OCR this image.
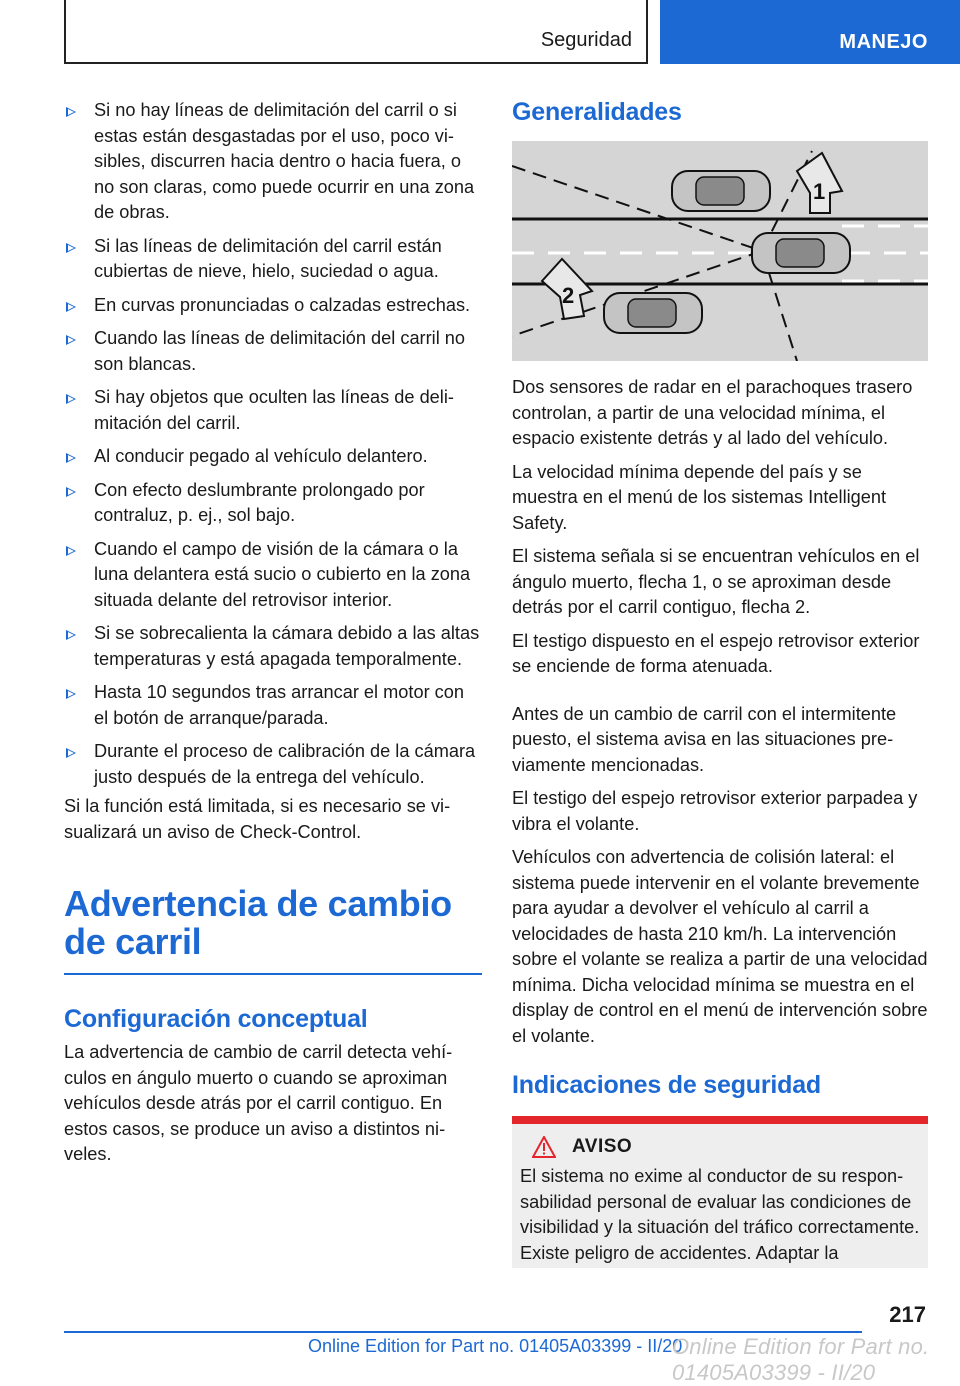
Seguridad	MANEJO
Si no hay líneas de delimitación del carril o si estas están desgastadas por el uso, poco visibles, discurren hacia dentro o hacia fuera, o no son claras, como puede ocurrir en una zona de obras.
Si las líneas de delimitación del carril están cubiertas de nieve, hielo, suciedad o agua.
En curvas pronunciadas o calzadas estrechas.
Cuando las líneas de delimitación del carril no son blancas.
Si hay objetos que oculten las líneas de delimitación del carril.
Al conducir pegado al vehículo delantero.
Con efecto deslumbrante prolongado por contraluz, p. ej., sol bajo.
Cuando el campo de visión de la cámara o la luna delantera está sucio o cubierto en la zona situada delante del retrovisor interior.
Si se sobrecalienta la cámara debido a las altas temperaturas y está apagada temporalmente.
Hasta 10 segundos tras arrancar el motor con el botón de arranque/parada.
Durante el proceso de calibración de la cámara justo después de la entrega del vehículo.

Si la función está limitada, si es necesario se visualizará un aviso de Check-Control.

Advertencia de cambio de carril
Configuración conceptual

La advertencia de cambio de carril detecta vehículos en ángulo muerto o cuando se aproximan vehículos desde atrás por el carril contiguo. En estos casos, se produce un aviso a distintos niveles.

Generalidades
1
2

Dos sensores de radar en el parachoques trasero controlan, a partir de una velocidad mínima, el espacio existente detrás y al lado del vehículo.

La velocidad mínima depende del país y se muestra en el menú de los sistemas Intelligent Safety.

El sistema señala si se encuentran vehículos en el ángulo muerto, flecha 1, o se aproximan desde detrás por el carril contiguo, flecha 2.

El testigo dispuesto en el espejo retrovisor exterior se enciende de forma atenuada.

Antes de un cambio de carril con el intermitente puesto, el sistema avisa en las situaciones previamente mencionadas.

El testigo del espejo retrovisor exterior parpadea y vibra el volante.

Vehículos con advertencia de colisión lateral: el sistema puede intervenir en el volante brevemente para ayudar a devolver el vehículo al carril a velocidades de hasta 210 km/h. La intervención sobre el volante se realiza a partir de una velocidad mínima. Dicha velocidad mínima se muestra en el display de control en el menú de intervención sobre el volante.

Indicaciones de seguridad
AVISO

El sistema no exime al conductor de su responsabilidad personal de evaluar las condiciones de visibilidad y la situación del tráfico correctamente. Existe peligro de accidentes. Adaptar la

217
Online Edition for Part no. 01405A03399 - II/20
Online Edition for Part no. 01405A03399 - II/20
